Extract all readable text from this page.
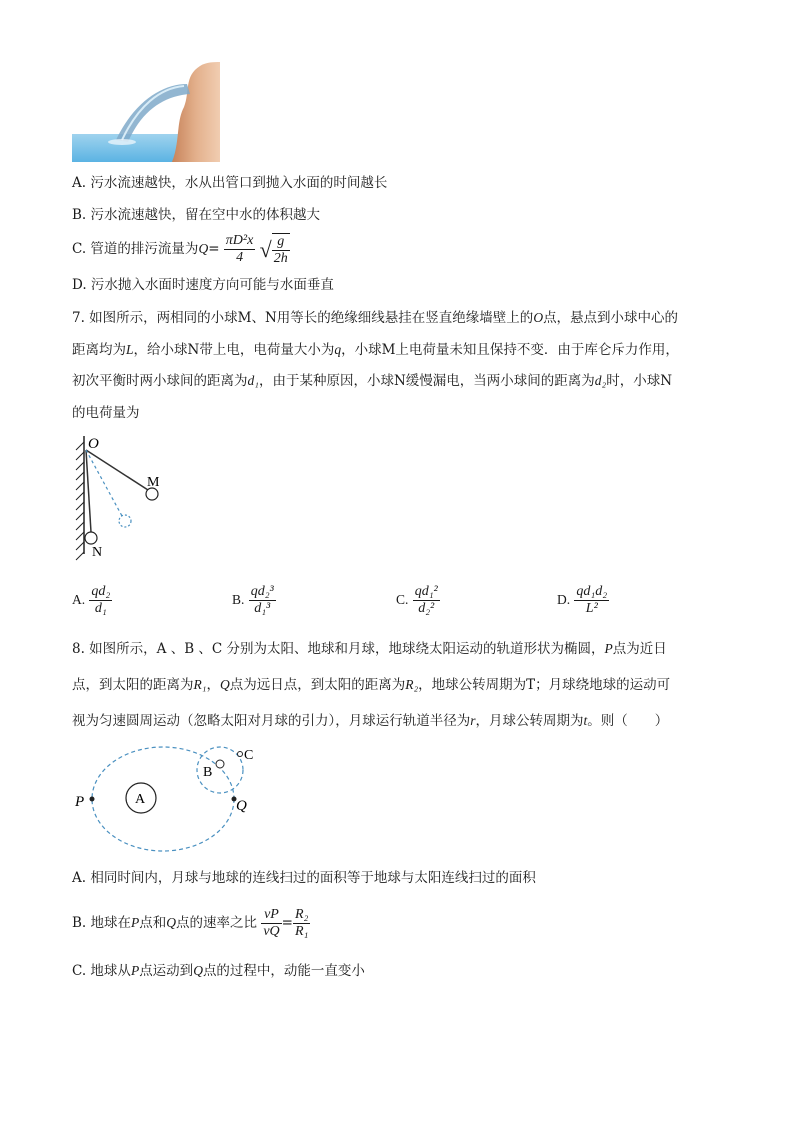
A. 污水流速越快，水从出管口到抛入水面的时间越长
B. 污水流速越快，留在空中水的体积越大
C. 管道的排污流量为$Q= \frac{\text{πD²x}}{4}$ √ $\frac{g}{2h}$
D. 污水抛入水面时速度方向可能与水面垂直
7. 如图所示，两相同的小球M、N用等长的绝缘细线悬挂在竖直绝缘墙壁上的O点，悬点到小球中心的
距离均为L，给小球N带上电，电荷量大小为q，小球M上电荷量未知且保持不变．由于库仑斥力作用，
初次平衡时两小球间的距离为d₁，由于某种原因，小球N缓慢漏电，当两小球间的距离为d₂时，小球N
的电荷量为
O
M
N
A. $\frac{\text{qd₂}}{\text{d₁}}$	B. $\frac{\text{qd₂³}}{\text{d₁³}}$	C. $\frac{\text{qd₁²}}{\text{d₂²}}$	D. $\frac{\text{qd₁d₂}}{\text{L²}}$
8. 如图所示，A 、B 、C 分别为太阳、地球和月球，地球绕太阳运动的轨道形状为椭圆，P点为近日
点，到太阳的距离为R₁，Q点为远日点，到太阳的距离为R₂，地球公转周期为T；月球绕地球的运动可
视为匀速圆周运动（忽略太阳对月球的引力），月球运行轨道半径为r，月球公转周期为t。则（　　）
A
B
C
P	Q
A. 相同时间内，月球与地球的连线扫过的面积等于地球与太阳连线扫过的面积
B. 地球在P点和Q点的速率之比 $\frac{vP}{vQ} = \frac{\text{R₂}}{\text{R₁}}$
C. 地球从P点运动到Q点的过程中，动能一直变小
